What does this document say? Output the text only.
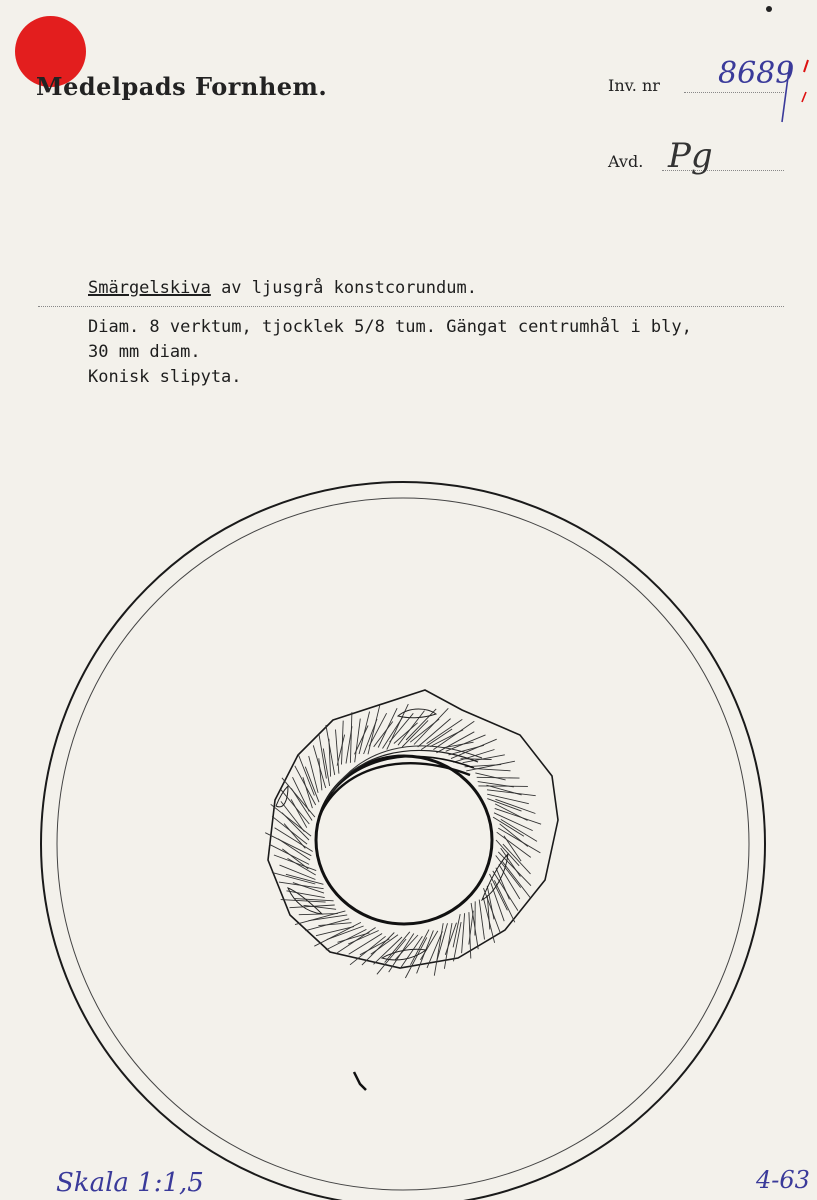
Medelpads Fornhem.	Inv. nr 8689
Avd. Pg
Smärgelskiva av ljusgrå konstcorundum.
Diam. 8 verktum, tjocklek 5/8 tum. Gängat centrumhål i bly,
30 mm diam.
Konisk slipyta.
Skala 1:1,5	4-63
